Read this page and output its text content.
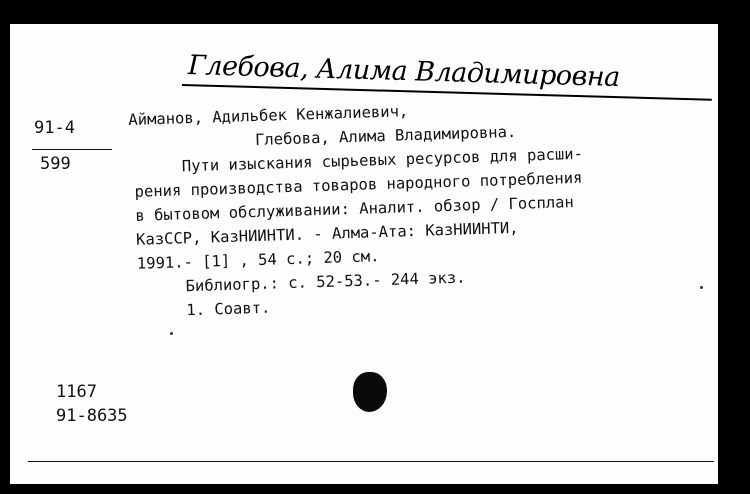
Глебова, Алима Владимировна
91-4
599
Айманов, Адильбек Кенжалиевич,
Глебова, Алима Владимировна.
Пути изыскания сырьевых ресурсов для расши-
рения производства товаров народного потребления
в бытовом обслуживании: Аналит. обзор / Госплан
КазССР, КазНИИНТИ. - Алма-Ата: КазНИИНТИ,
1991.- [1] , 54 с.; 20 см.
Библиогр.: с. 52-53.- 244 экз.
1. Соавт.
1167
91-8635
